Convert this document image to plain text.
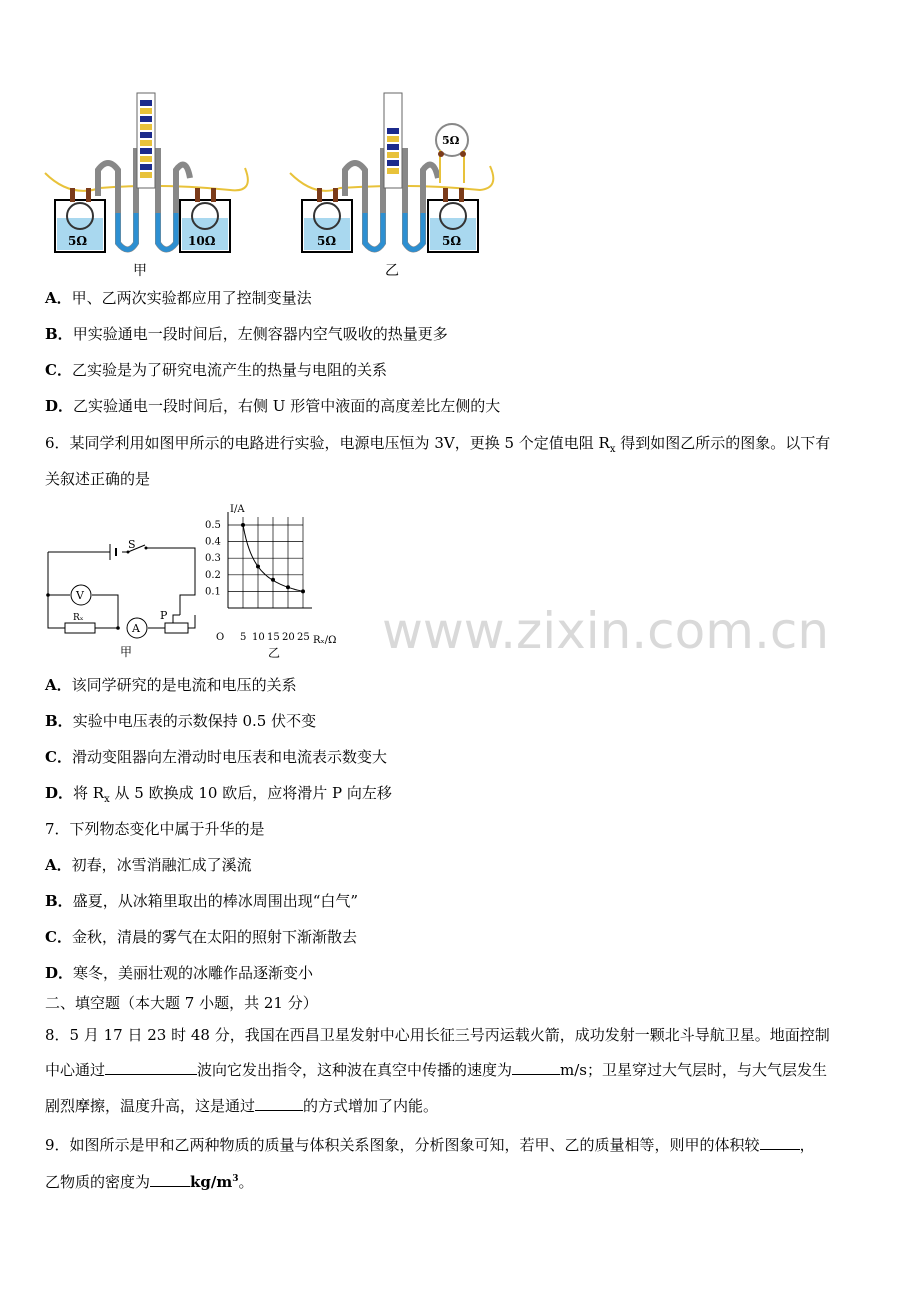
5Ω	10Ω
甲
5Ω
5Ω	5Ω
乙
A．甲、乙两次实验都应用了控制变量法
B．甲实验通电一段时间后，左侧容器内空气吸收的热量更多
C．乙实验是为了研究电流产生的热量与电阻的关系
D．乙实验通电一段时间后，右侧 U 形管中液面的高度差比左侧的大
6．某同学利用如图甲所示的电路进行实验，电源电压恒为 3V，更换 5 个定值电阻 $R_x$ 得到如图乙所示的图象。以下有
关叙述正确的是
S
V
Rₓ
A
P
甲
I/A
Rₓ/Ω
O
0.5
0.4
0.3
0.2
0.1
5 10 15 20 25
乙 www.zixin.com.cn
A．该同学研究的是电流和电压的关系
B．实验中电压表的示数保持 0.5 伏不变
C．滑动变阻器向左滑动时电压表和电流表示数变大
D．将 $R_x$ 从 5 欧换成 10 欧后，应将滑片 P 向左移
7．下列物态变化中属于升华的是
A．初春，冰雪消融汇成了溪流
B．盛夏，从冰箱里取出的棒冰周围出现“白气”
C．金秋，清晨的雾气在太阳的照射下渐渐散去
D．寒冬，美丽壮观的冰雕作品逐渐变小
二、填空题（本大题 7 小题，共 21 分）
8．5 月 17 日 23 时 48 分，我国在西昌卫星发射中心用长征三号丙运载火箭，成功发射一颗北斗导航卫星。地面控制
中心通过	波向它发出指令，这种波在真空中传播的速度为	m/s；卫星穿过大气层时，与大气层发生
剧烈摩擦，温度升高，这是通过	的方式增加了内能。
9．如图所示是甲和乙两种物质的质量与体积关系图象，分析图象可知，若甲、乙的质量相等，则甲的体积较	，
乙物质的密度为	$kg/m^3$。
